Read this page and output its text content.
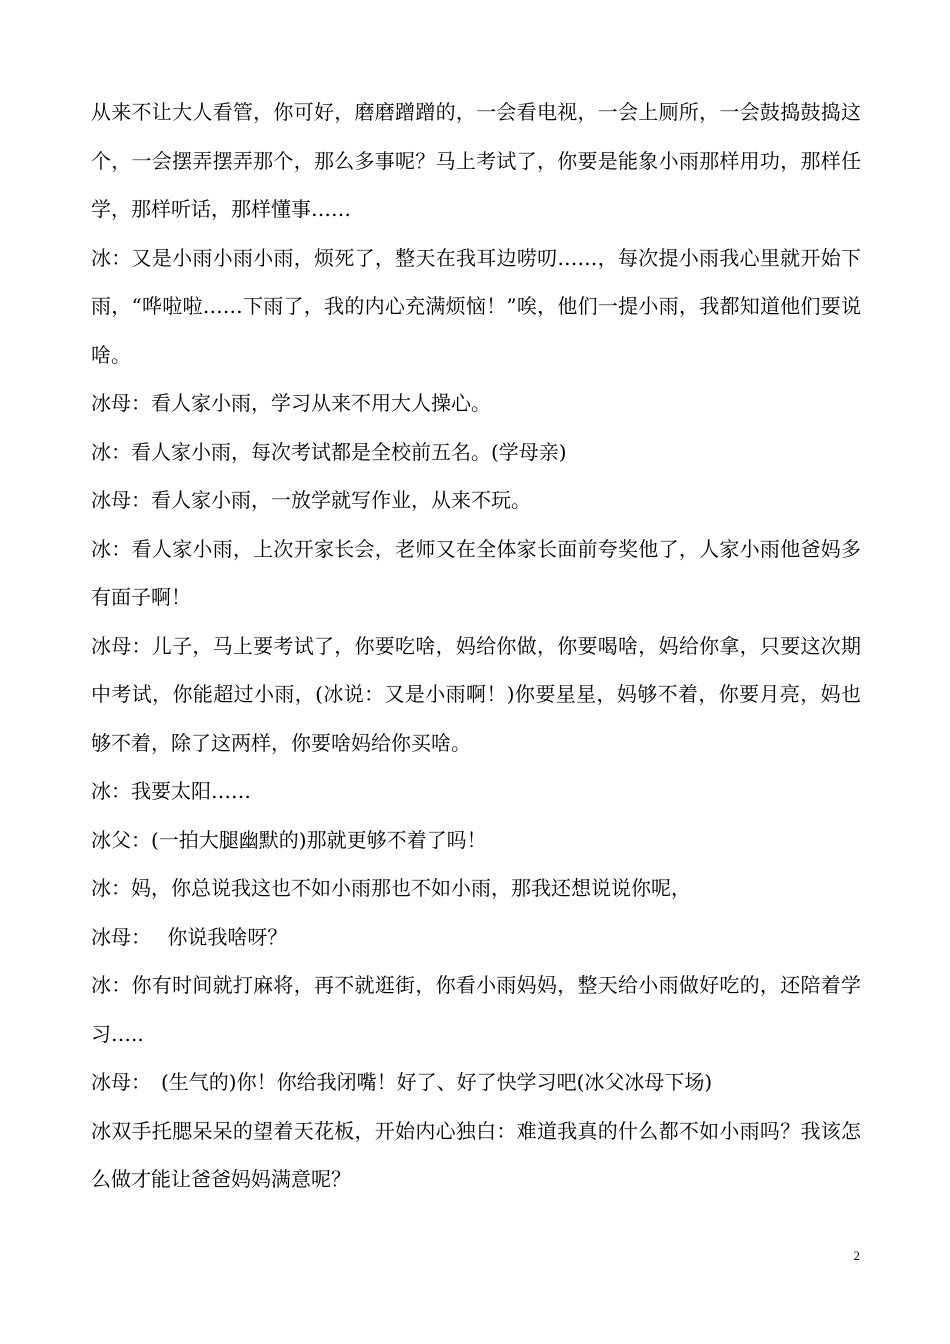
从来不让大人看管，你可好，磨磨蹭蹭的，一会看电视，一会上厕所，一会鼓捣鼓捣这个，一会摆弄摆弄那个，那么多事呢？马上考试了，你要是能象小雨那样用功，那样任学，那样听话，那样懂事……

冰：又是小雨小雨小雨，烦死了，整天在我耳边唠叨……，每次提小雨我心里就开始下雨，“哗啦啦……下雨了，我的内心充满烦恼！”唉，他们一提小雨，我都知道他们要说啥。

冰母：看人家小雨，学习从来不用大人操心。

冰：看人家小雨，每次考试都是全校前五名。(学母亲)

冰母：看人家小雨，一放学就写作业，从来不玩。

冰：看人家小雨，上次开家长会，老师又在全体家长面前夸奖他了，人家小雨他爸妈多有面子啊！

冰母：儿子，马上要考试了，你要吃啥，妈给你做，你要喝啥，妈给你拿，只要这次期中考试，你能超过小雨，(冰说：又是小雨啊！)你要星星，妈够不着，你要月亮，妈也够不着，除了这两样，你要啥妈给你买啥。

冰：我要太阳……

冰父：(一拍大腿幽默的)那就更够不着了吗！

冰：妈，你总说我这也不如小雨那也不如小雨，那我还想说说你呢，

冰母：　 你说我啥呀？

冰：你有时间就打麻将，再不就逛街，你看小雨妈妈，整天给小雨做好吃的，还陪着学习…..

冰母：　(生气的)你！你给我闭嘴！好了、好了快学习吧(冰父冰母下场)

冰双手托腮呆呆的望着天花板，开始内心独白：难道我真的什么都不如小雨吗？我该怎么做才能让爸爸妈妈满意呢？

2
